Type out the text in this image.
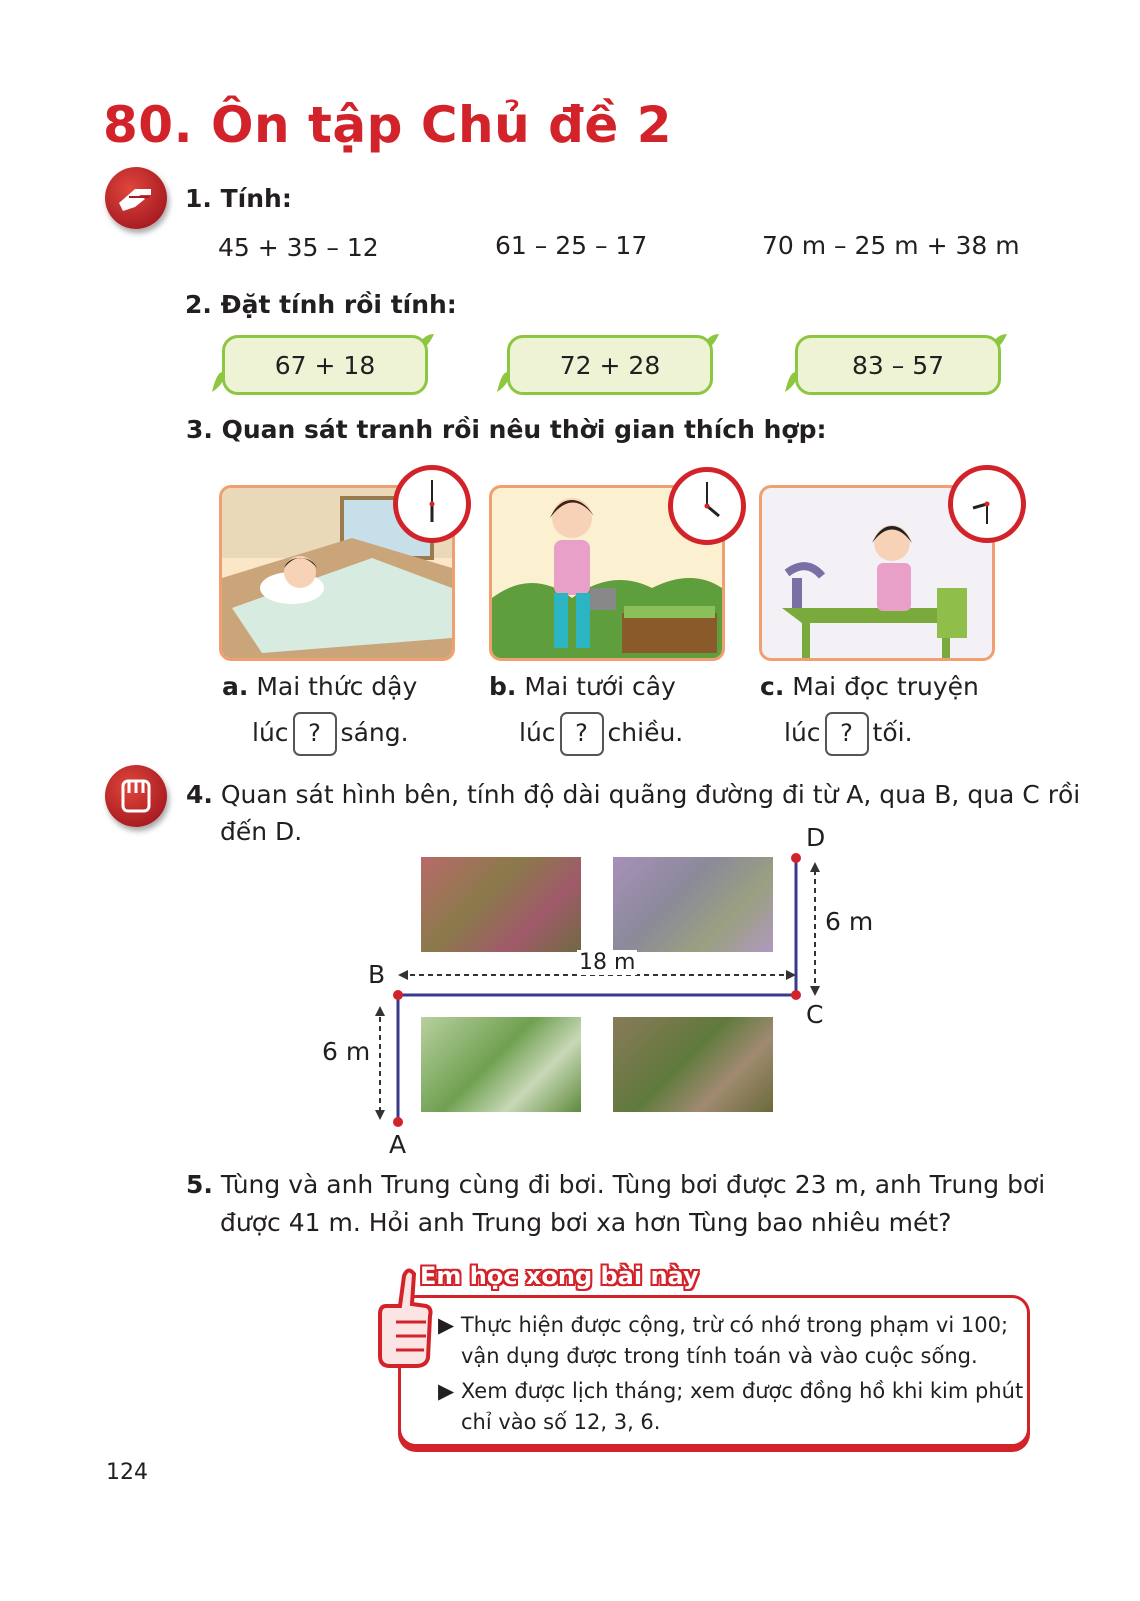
80. Ôn tập Chủ đề 2
1. Tính:
45 + 35 – 12	61 – 25 – 17	70 m – 25 m + 38 m
2. Đặt tính rồi tính:
67 + 18	72 + 28	83 – 57
3. Quan sát tranh rồi nêu thời gian thích hợp:
a. Mai thức dậy
lúc ? sáng.
b. Mai tưới cây
lúc ? chiều.
c. Mai đọc truyện
lúc ? tối.
4. Quan sát hình bên, tính độ dài quãng đường đi từ A, qua B, qua C rồi
đến D.
A
B
C
D
6 m
18 m
6 m
5. Tùng và anh Trung cùng đi bơi. Tùng bơi được 23 m, anh Trung bơi
được 41 m. Hỏi anh Trung bơi xa hơn Tùng bao nhiêu mét?
Em học xong bài này
▶ Thực hiện được cộng, trừ có nhớ trong phạm vi 100;
vận dụng được trong tính toán và vào cuộc sống.
▶ Xem được lịch tháng; xem được đồng hồ khi kim phút
chỉ vào số 12, 3, 6.
124
